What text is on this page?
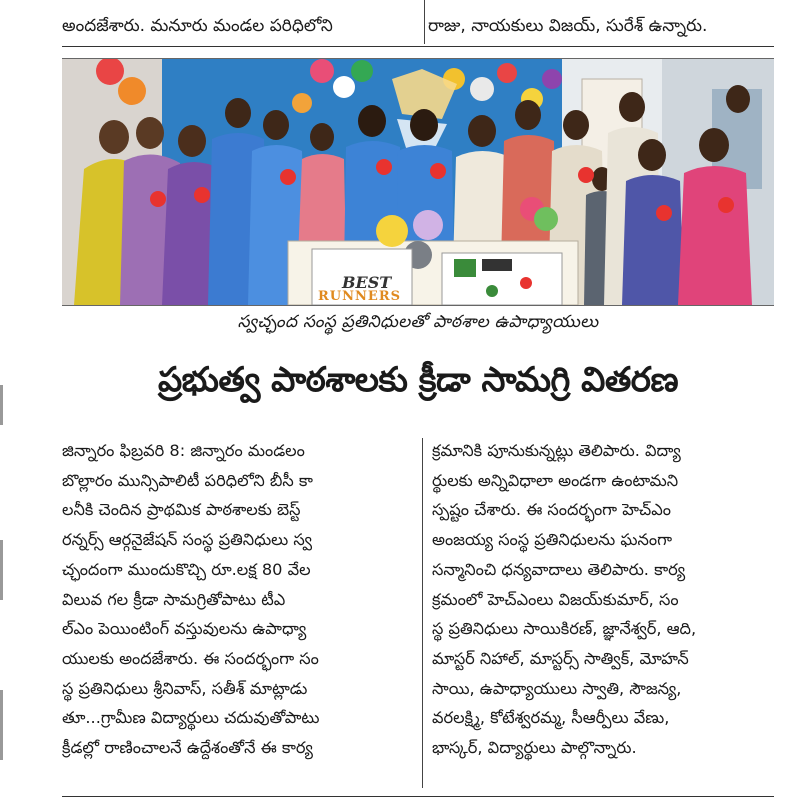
అందజేశారు. మనూరు మండల పరిధిలోని	రాజు, నాయకులు విజయ్‌, సురేశ్‌ ఉన్నారు.
BEST
RUNNERS
స్వచ్ఛంద సంస్థ ప్రతినిధులతో పాఠశాల ఉపాధ్యాయులు
ప్రభుత్వ పాఠశాలకు క్రీడా సామగ్రి వితరణ
జిన్నారం ఫిబ్రవరి 8: జిన్నారం మండలం
బొల్లారం మున్సిపాలిటీ పరిధిలోని బీసీ కా
లనీకి చెందిన ప్రాథమిక పాఠశాలకు బెస్ట్
రన్నర్స్ ఆర్గనైజేషన్ సంస్థ ప్రతినిధులు స్వ
చ్ఛందంగా ముందుకొచ్చి రూ.లక్ష 80 వేల
విలువ గల క్రీడా సామగ్రితోపాటు టీఎ
ల్ఎం పెయింటింగ్ వస్తువులను ఉపాధ్యా
యులకు అందజేశారు. ఈ సందర్భంగా సం
స్థ ప్రతినిధులు శ్రీనివాస్, సతీశ్ మాట్లాడు
తూ...గ్రామీణ విద్యార్థులు చదువుతోపాటు
క్రీడల్లో రాణించాలనే ఉద్దేశంతోనే ఈ కార్య
క్రమానికి పూనుకున్నట్లు తెలిపారు. విద్యా
ర్థులకు అన్నివిధాలా అండగా ఉంటామని
స్పష్టం చేశారు. ఈ సందర్భంగా హెచ్ఎం
అంజయ్య సంస్థ ప్రతినిధులను ఘనంగా
సన్మానించి ధన్యవాదాలు తెలిపారు. కార్య
క్రమంలో హెచ్ఎంలు విజయ్‌కుమార్, సం
స్థ ప్రతినిధులు సాయికిరణ్, జ్ఞానేశ్వర్, ఆది,
మాస్టర్ నిహాల్, మాస్టర్స్ సాత్విక్, మోహన్
సాయి, ఉపాధ్యాయులు స్వాతి, సౌజన్య,
వరలక్ష్మి, కోటేశ్వరమ్మ, సీఆర్పీలు వేణు,
భాస్కర్, విద్యార్థులు పాల్గొన్నారు.
